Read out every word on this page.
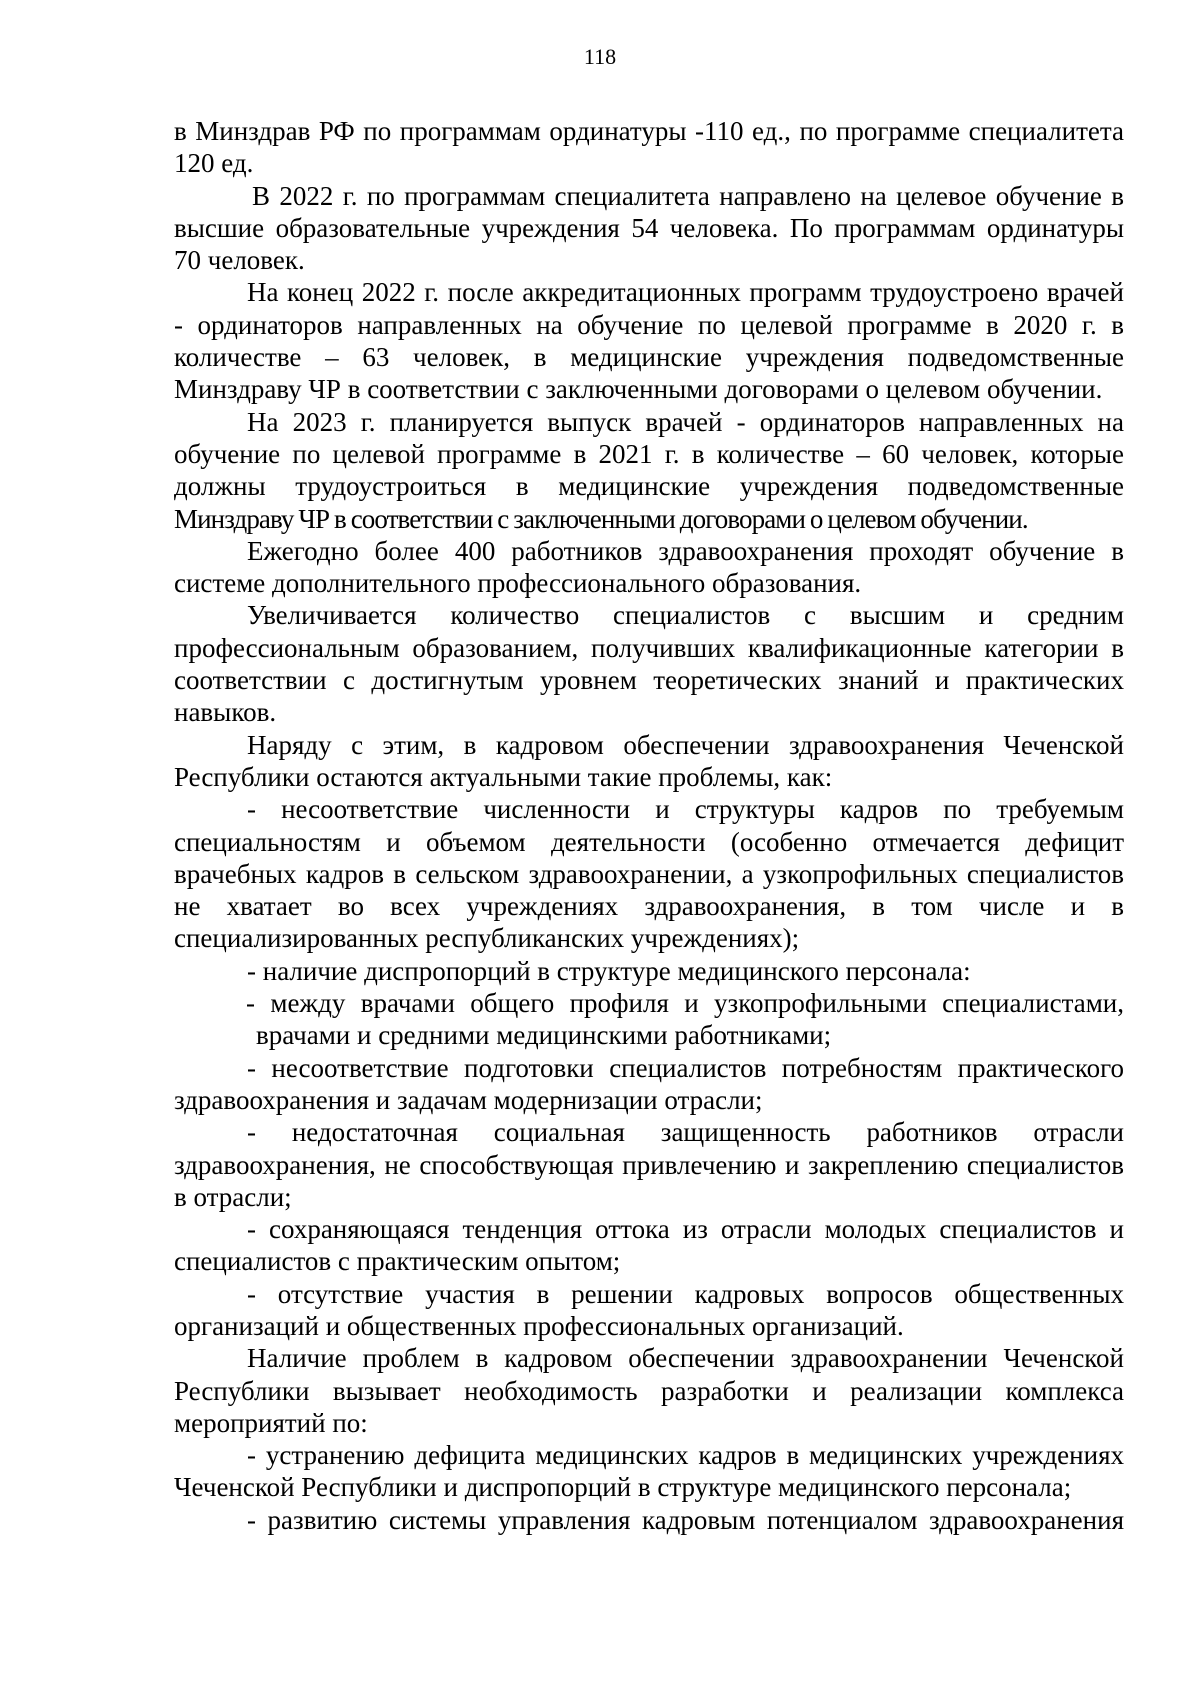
118

в Минздрав РФ по программам ординатуры -110 ед., по программе специалитета 120 ед.

В 2022 г. по программам специалитета направлено на целевое обучение в высшие образовательные учреждения 54 человека. По программам ординатуры 70 человек.

На конец 2022 г. после аккредитационных программ трудоустроено врачей - ординаторов направленных на обучение по целевой программе в 2020 г. в количестве – 63 человек, в медицинские учреждения подведомственные Минздраву ЧР в соответствии с заключенными договорами о целевом обучении.

На 2023 г. планируется выпуск врачей - ординаторов направленных на обучение по целевой программе в 2021 г. в количестве – 60 человек, которые должны трудоустроиться в медицинские учреждения подведомственные

Минздраву ЧР в соответствии с заключенными договорами о целевом обучении.

Ежегодно более 400 работников здравоохранения проходят обучение в системе дополнительного профессионального образования.

Увеличивается количество специалистов с высшим и средним профессиональным образованием, получивших квалификационные категории в соответствии с достигнутым уровнем теоретических знаний и практических навыков.

Наряду с этим, в кадровом обеспечении здравоохранения Чеченской Республики остаются актуальными такие проблемы, как:

- несоответствие численности и структуры кадров по требуемым специальностям и объемом деятельности (особенно отмечается дефицит врачебных кадров в сельском здравоохранении, а узкопрофильных специалистов не хватает во всех учреждениях здравоохранения, в том числе и в специализированных республиканских учреждениях);

- наличие диспропорций в структуре медицинского персонала:

- между врачами общего профиля и узкопрофильными специалистами, врачами и средними медицинскими работниками;

- несоответствие подготовки специалистов потребностям практического здравоохранения и задачам модернизации отрасли;

- недостаточная социальная защищенность работников отрасли здравоохранения, не способствующая привлечению и закреплению специалистов в отрасли;

- сохраняющаяся тенденция оттока из отрасли молодых специалистов и специалистов с практическим опытом;

- отсутствие участия в решении кадровых вопросов общественных организаций и общественных профессиональных организаций.

Наличие проблем в кадровом обеспечении здравоохранении Чеченской Республики вызывает необходимость разработки и реализации комплекса мероприятий по:

- устранению дефицита медицинских кадров в медицинских учреждениях Чеченской Республики и диспропорций в структуре медицинского персонала;

- развитию системы управления кадровым потенциалом здравоохранения
